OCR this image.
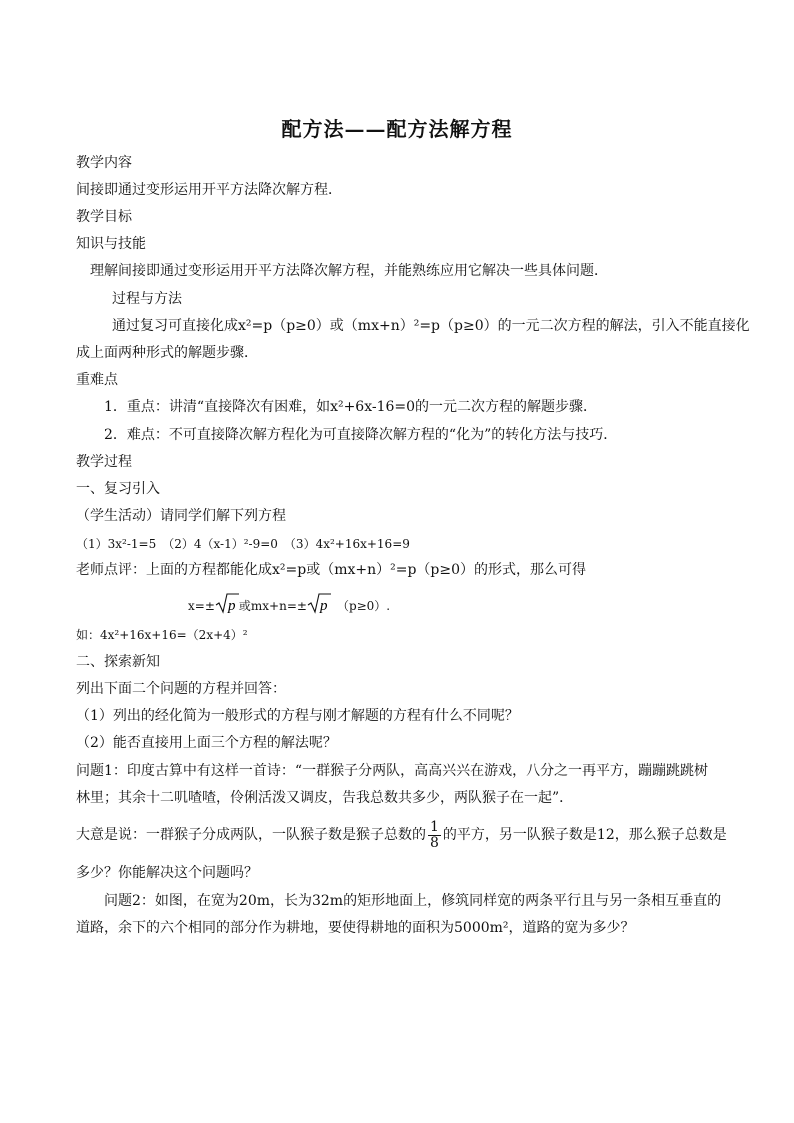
配方法——配方法解方程
教学内容
间接即通过变形运用开平方法降次解方程．
教学目标
知识与技能
理解间接即通过变形运用开平方法降次解方程，并能熟练应用它解决一些具体问题．
过程与方法
通过复习可直接化成x²=p（p≥0）或（mx+n）²=p（p≥0）的一元二次方程的解法，引入不能直接化
成上面两种形式的解题步骤．
重难点
1．重点：讲清“直接降次有困难，如x²+6x-16=0的一元二次方程的解题步骤．
2．难点：不可直接降次解方程化为可直接降次解方程的“化为”的转化方法与技巧．
教学过程
一、复习引入
（学生活动）请同学们解下列方程
（1）3x²-1=5　（2）4（x-1）²-9=0　（3）4x²+16x+16=9
老师点评：上面的方程都能化成x²=p或（mx+n）²=p（p≥0）的形式，那么可得
x=± p 或mx+n=± p （p≥0）.
如：4x²+16x+16=（2x+4）²
二、探索新知
列出下面二个问题的方程并回答：
（1）列出的经化简为一般形式的方程与刚才解题的方程有什么不同呢？
（2）能否直接用上面三个方程的解法呢？
问题1：印度古算中有这样一首诗：“一群猴子分两队，高高兴兴在游戏，八分之一再平方，蹦蹦跳跳树
林里；其余十二叽喳喳，伶俐活泼又调皮，告我总数共多少，两队猴子在一起”．
大意是说：一群猴子分成两队，一队猴子数是猴子总数的 $\frac{1}{8}$ 的平方，另一队猴子数是12，那么猴子总数是
多少？你能解决这个问题吗？
问题2：如图，在宽为20m，长为32m的矩形地面上，修筑同样宽的两条平行且与另一条相互垂直的
道路，余下的六个相同的部分作为耕地，要使得耕地的面积为5000m²，道路的宽为多少？
